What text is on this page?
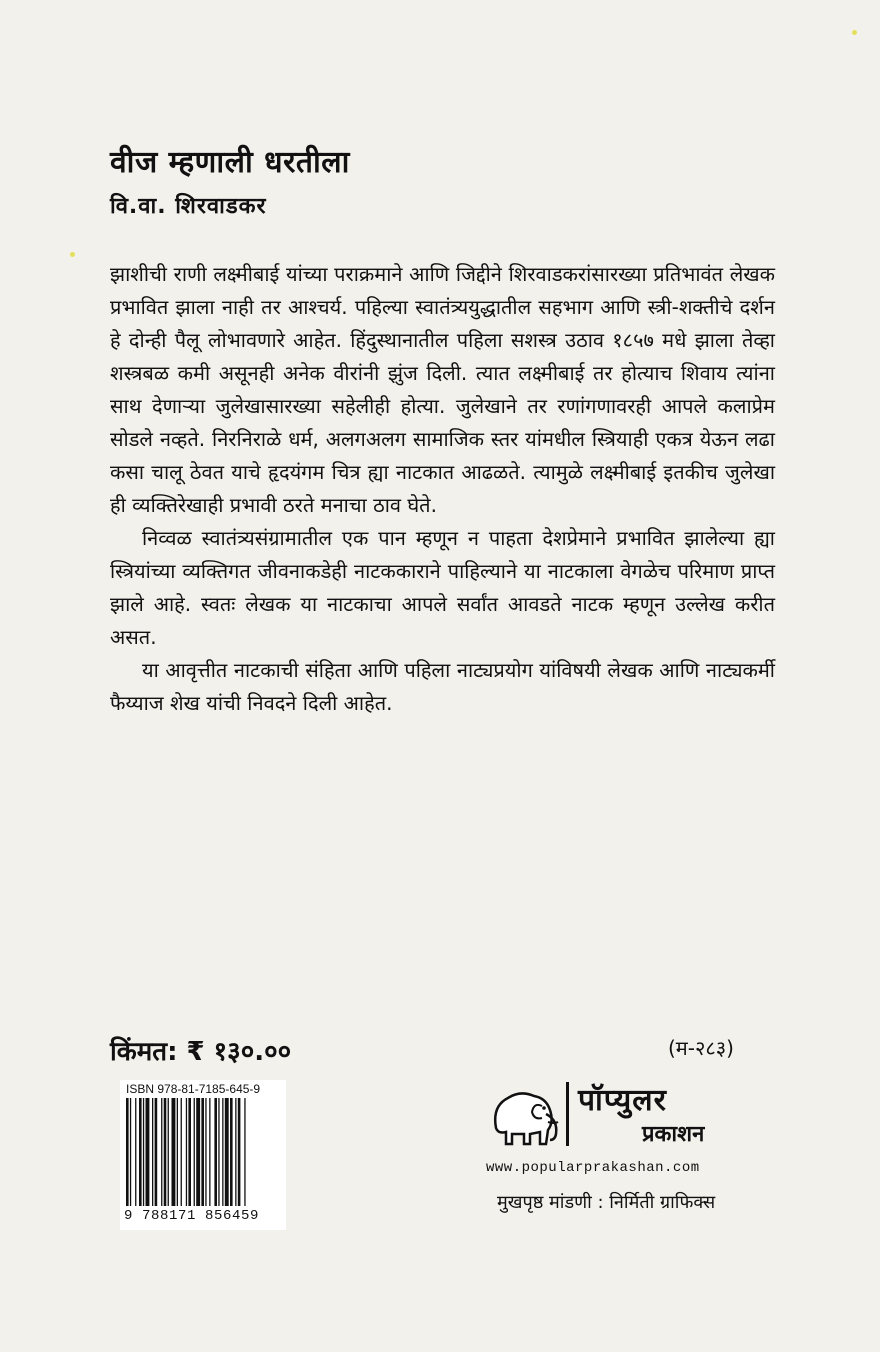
वीज म्हणाली धरतीला
वि.वा. शिरवाडकर

झाशीची राणी लक्ष्मीबाई यांच्या पराक्रमाने आणि जिद्दीने शिरवाडकरांसारख्या प्रतिभावंत लेखक प्रभावित झाला नाही तर आश्चर्य. पहिल्या स्वातंत्र्ययुद्धातील सहभाग आणि स्त्री-शक्तीचे दर्शन हे दोन्ही पैलू लोभावणारे आहेत. हिंदुस्थानातील पहिला सशस्त्र उठाव १८५७ मधे झाला तेव्हा शस्त्रबळ कमी असूनही अनेक वीरांनी झुंज दिली. त्यात लक्ष्मीबाई तर होत्याच शिवाय त्यांना साथ देणाऱ्या जुलेखासारख्या सहेलीही होत्या. जुलेखाने तर रणांगणावरही आपले कलाप्रेम सोडले नव्हते. निरनिराळे धर्म, अलगअलग सामाजिक स्तर यांमधील स्त्रियाही एकत्र येऊन लढा कसा चालू ठेवत याचे हृदयंगम चित्र ह्या नाटकात आढळते. त्यामुळे लक्ष्मीबाई इतकीच जुलेखा ही व्यक्तिरेखाही प्रभावी ठरते मनाचा ठाव घेते.

निव्वळ स्वातंत्र्यसंग्रामातील एक पान म्हणून न पाहता देशप्रेमाने प्रभावित झालेल्या ह्या स्त्रियांच्या व्यक्तिगत जीवनाकडेही नाटककाराने पाहिल्याने या नाटकाला वेगळेच परिमाण प्राप्त झाले आहे. स्वतः लेखक या नाटकाचा आपले सर्वांत आवडते नाटक म्हणून उल्लेख करीत असत.

या आवृत्तीत नाटकाची संहिता आणि पहिला नाट्यप्रयोग यांविषयी लेखक आणि नाट्यकर्मी फैय्याज शेख यांची निवदने दिली आहेत.

किंमत: ₹ १३०.००	(म-२८३)
ISBN 978-81-7185-645-9
9 788171 856459
पॉप्युलर
प्रकाशन
www.popularprakashan.com
मुखपृष्ठ मांडणी : निर्मिती ग्राफिक्स
